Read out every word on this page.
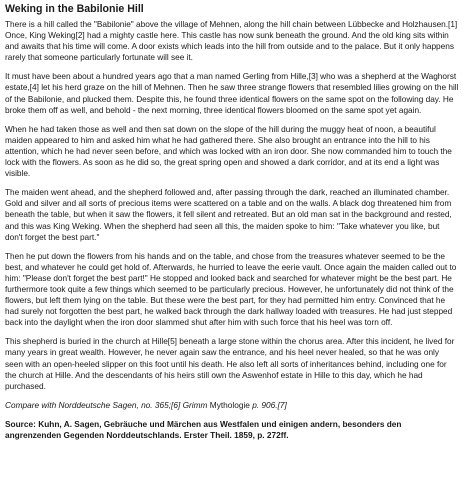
Weking in the Babilonie Hill

There is a hill called the "Babilonie" above the village of Mehnen, along the hill chain between Lübbecke and Holzhausen.[1] Once, King Weking[2] had a mighty castle here. This castle has now sunk beneath the ground. And the old king sits within and awaits that his time will come. A door exists which leads into the hill from outside and to the palace. But it only happens rarely that someone particularly fortunate will see it.

It must have been about a hundred years ago that a man named Gerling from Hille,[3] who was a shepherd at the Waghorst estate,[4] let his herd graze on the hill of Mehnen. Then he saw three strange flowers that resembled lilies growing on the hill of the Babilonie, and plucked them. Despite this, he found three identical flowers on the same spot on the following day. He broke them off as well, and behold - the next morning, three identical flowers bloomed on the same spot yet again.

When he had taken those as well and then sat down on the slope of the hill during the muggy heat of noon, a beautiful maiden appeared to him and asked him what he had gathered there. She also brought an entrance into the hill to his attention, which he had never seen before, and which was locked with an iron door. She now commanded him to touch the lock with the flowers. As soon as he did so, the great spring open and showed a dark corridor, and at its end a light was visible.

The maiden went ahead, and the shepherd followed and, after passing through the dark, reached an illuminated chamber. Gold and silver and all sorts of precious items were scattered on a table and on the walls. A black dog threatened him from beneath the table, but when it saw the flowers, it fell silent and retreated. But an old man sat in the background and rested, and this was King Weking. When the shepherd had seen all this, the maiden spoke to him: "Take whatever you like, but don't forget the best part."

Then he put down the flowers from his hands and on the table, and chose from the treasures whatever seemed to be the best, and whatever he could get hold of. Afterwards, he hurried to leave the eerie vault. Once again the maiden called out to him: "Please don't forget the best part!" He stopped and looked back and searched for whatever might be the best part. He furthermore took quite a few things which seemed to be particularly precious. However, he unfortunately did not think of the flowers, but left them lying on the table. But these were the best part, for they had permitted him entry. Convinced that he had surely not forgotten the best part, he walked back through the dark hallway loaded with treasures. He had just stepped back into the daylight when the iron door slammed shut after him with such force that his heel was torn off.

This shepherd is buried in the church at Hille[5] beneath a large stone within the chorus area. After this incident, he lived for many years in great wealth. However, he never again saw the entrance, and his heel never healed, so that he was only seen with an open-heeled slipper on this foot until his death. He also left all sorts of inheritances behind, including one for the church at Hille. And the descendants of his heirs still own the Aswenhof estate in Hille to this day, which he had purchased.

Compare with Norddeutsche Sagen, no. 365;[6] Grimm Mythologie p. 906.[7]

Source: Kuhn, A. Sagen, Gebräuche und Märchen aus Westfalen und einigen andern, besonders den angrenzenden Gegenden Norddeutschlands. Erster Theil. 1859, p. 272ff.
